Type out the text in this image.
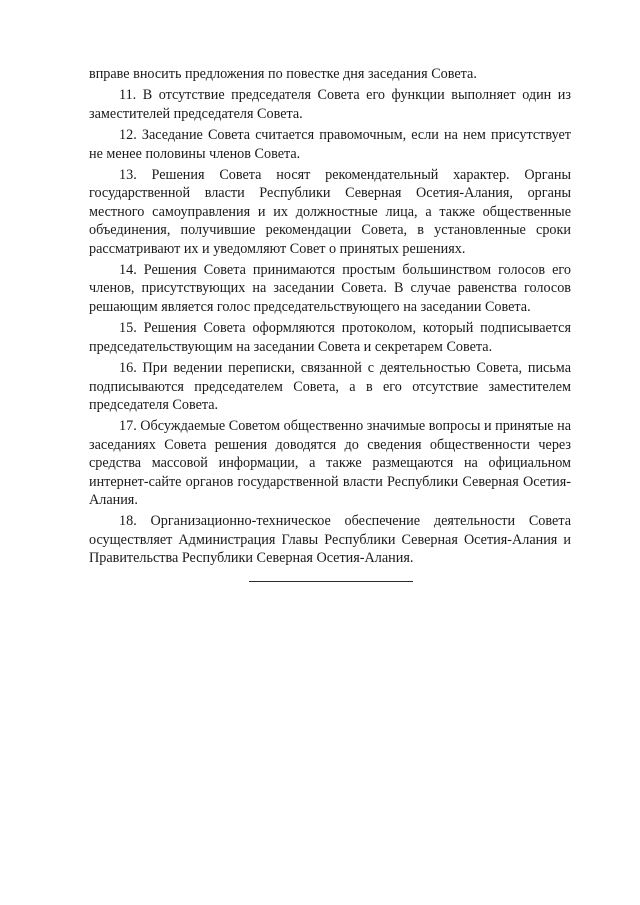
вправе вносить предложения по повестке дня заседания Совета.

11. В отсутствие председателя Совета его функции выполняет один из заместителей председателя Совета.

12. Заседание Совета считается правомочным, если на нем присутствует не менее половины членов Совета.

13. Решения Совета носят рекомендательный характер. Органы государственной власти Республики Северная Осетия-Алания, органы местного самоуправления и их должностные лица, а также общественные объединения, получившие рекомендации Совета, в установленные сроки рассматривают их и уведомляют Совет о принятых решениях.

14. Решения Совета принимаются простым большинством голосов его членов, присутствующих на заседании Совета. В случае равенства голосов решающим является голос председательствующего на заседании Совета.

15. Решения Совета оформляются протоколом, который подписывается председательствующим на заседании Совета и секретарем Совета.

16. При ведении переписки, связанной с деятельностью Совета, письма подписываются председателем Совета, а в его отсутствие заместителем председателя Совета.

17. Обсуждаемые Советом общественно значимые вопросы и принятые на заседаниях Совета решения доводятся до сведения общественности через средства массовой информации, а также размещаются на официальном интернет-сайте органов государственной власти Республики Северная Осетия-Алания.

18. Организационно-техническое обеспечение деятельности Совета осуществляет Администрация Главы Республики Северная Осетия-Алания и Правительства Республики Северная Осетия-Алания.
